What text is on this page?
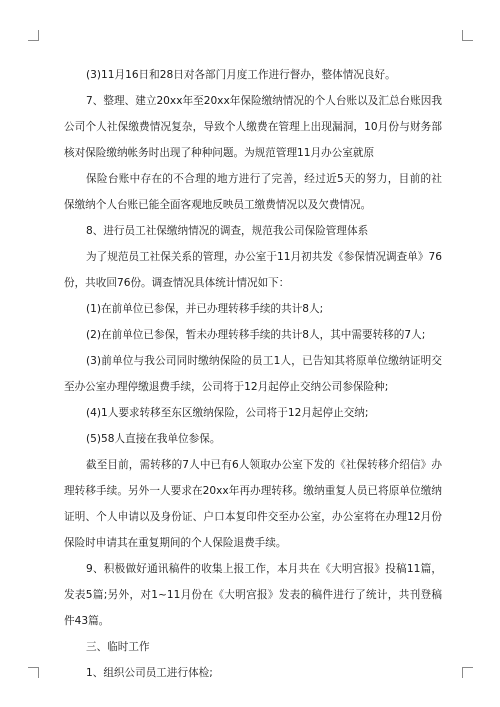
(3)11月16日和28日对各部门月度工作进行督办，整体情况良好。

7、整理、建立20xx年至20xx年保险缴纳情况的个人台账以及汇总台账因我公司个人社保缴费情况复杂，导致个人缴费在管理上出现漏洞，10月份与财务部核对保险缴纳帐务时出现了种种问题。为规范管理11月办公室就原

保险台账中存在的不合理的地方进行了完善，经过近5天的努力，目前的社保缴纳个人台账已能全面客观地反映员工缴费情况以及欠费情况。

8、进行员工社保缴纳情况的调查，规范我公司保险管理体系

为了规范员工社保关系的管理，办公室于11月初共发《参保情况调查单》76份，共收回76份。调查情况具体统计情况如下：

(1)在前单位已参保，并已办理转移手续的共计8人;

(2)在前单位已参保，暂未办理转移手续的共计8人，其中需要转移的7人;

(3)前单位与我公司同时缴纳保险的员工1人，已告知其将原单位缴纳证明交至办公室办理停缴退费手续，公司将于12月起停止交纳公司参保险种;

(4)1人要求转移至东区缴纳保险，公司将于12月起停止交纳;

(5)58人直接在我单位参保。

截至目前，需转移的7人中已有6人领取办公室下发的《社保转移介绍信》办理转移手续。另外一人要求在20xx年再办理转移。缴纳重复人员已将原单位缴纳证明、个人申请以及身份证、户口本复印件交至办公室，办公室将在办理12月份保险时申请其在重复期间的个人保险退费手续。

9、积极做好通讯稿件的收集上报工作，本月共在《大明宫报》投稿11篇，发表5篇;另外，对1~11月份在《大明宫报》发表的稿件进行了统计，共刊登稿件43篇。

三、临时工作

1、组织公司员工进行体检;
